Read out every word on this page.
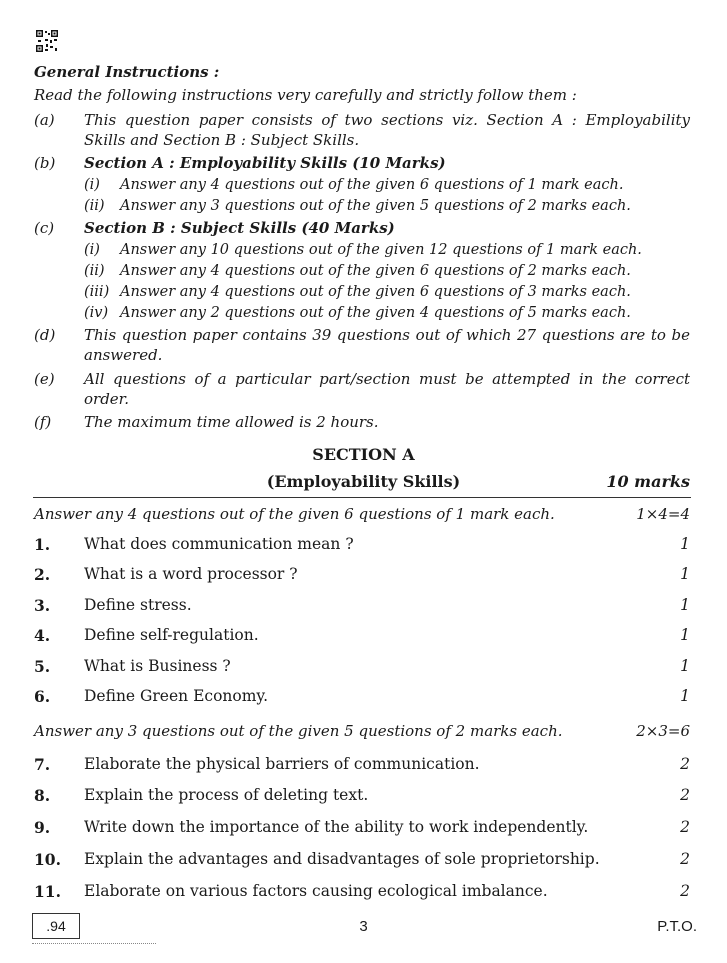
General Instructions :
Read the following instructions very carefully and strictly follow them :
(a)	This question paper consists of two sections viz. Section A : Employability Skills and Section B : Subject Skills.
(b)	Section A : Employability Skills (10 Marks)
(i) Answer any 4 questions out of the given 6 questions of 1 mark each.
(ii) Answer any 3 questions out of the given 5 questions of 2 marks each.
(c)	Section B : Subject Skills (40 Marks)
(i) Answer any 10 questions out of the given 12 questions of 1 mark each.
(ii) Answer any 4 questions out of the given 6 questions of 2 marks each.
(iii) Answer any 4 questions out of the given 6 questions of 3 marks each.
(iv) Answer any 2 questions out of the given 4 questions of 5 marks each.
(d)	This question paper contains 39 questions out of which 27 questions are to be answered.
(e)	All questions of a particular part/section must be attempted in the correct order.
(f)	The maximum time allowed is 2 hours.
SECTION A
(Employability Skills)	10 marks
Answer any 4 questions out of the given 6 questions of 1 mark each.	1×4=4
1. What does communication mean ?	1
2. What is a word processor ?	1
3. Define stress.	1
4. Define self-regulation.	1
5. What is Business ?	1
6. Define Green Economy.	1
Answer any 3 questions out of the given 5 questions of 2 marks each.	2×3=6
7. Elaborate the physical barriers of communication.	2
8. Explain the process of deleting text.	2
9. Write down the importance of the ability to work independently.	2
10. Explain the advantages and disadvantages of sole proprietorship.	2
11. Elaborate on various factors causing ecological imbalance.	2
.94	3	P.T.O.
